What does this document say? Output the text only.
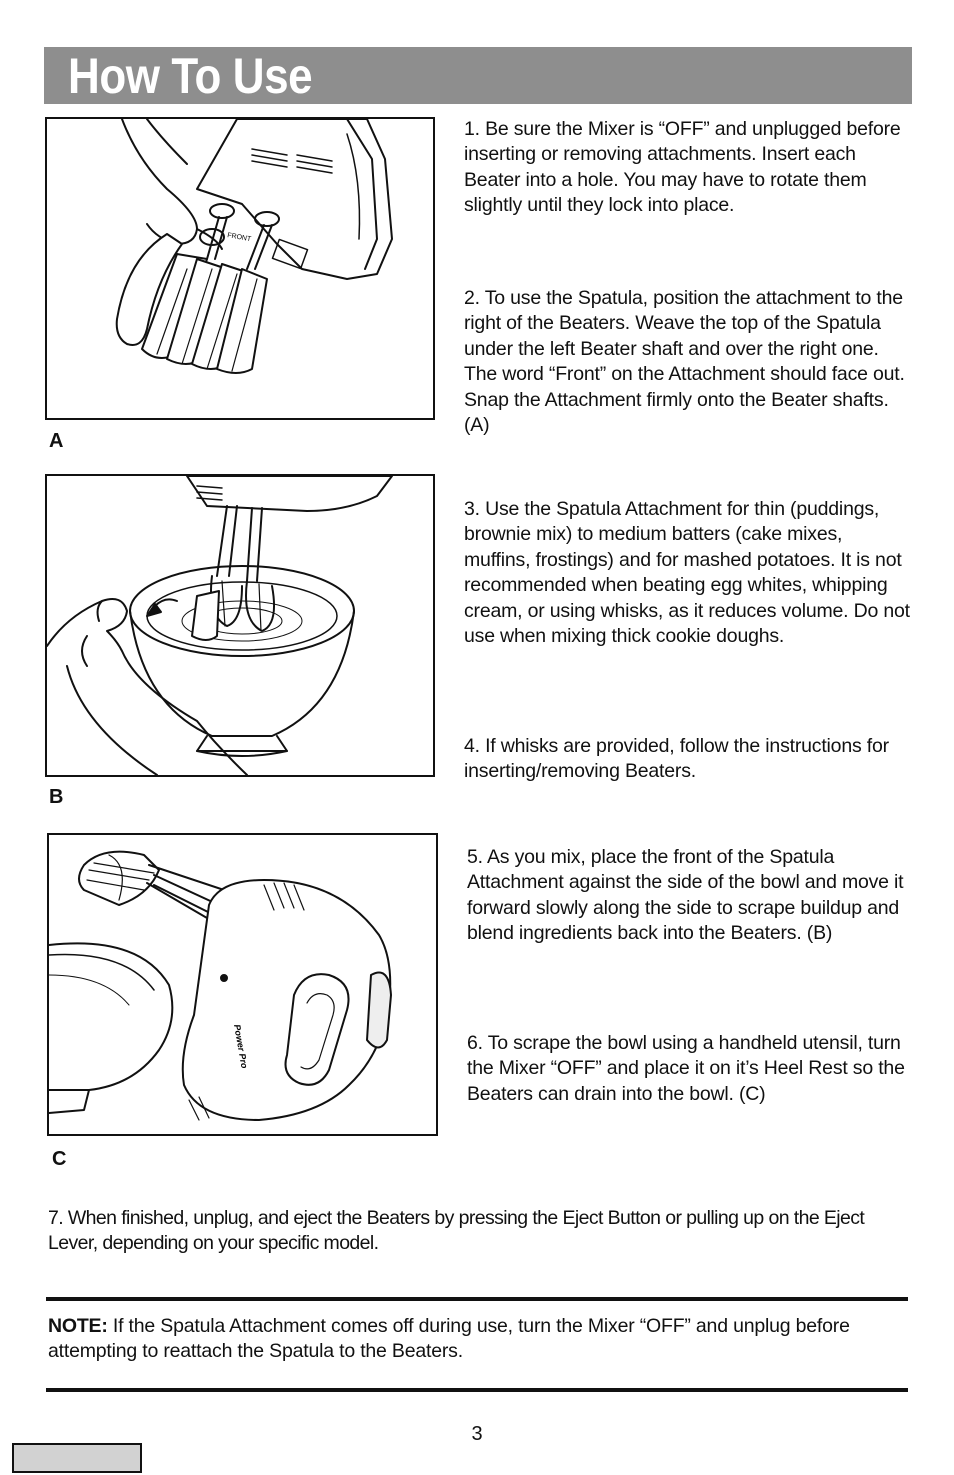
How To Use
FRONT
A
B
Power Pro
C

1. Be sure the Mixer is “OFF” and unplugged before inserting or removing attachments. Insert each Beater into a hole. You may have to rotate them slightly until they lock into place.

2. To use the Spatula, position the attachment to the right of the Beaters. Weave the top of the Spatula under the left Beater shaft and over the right one. The word “Front” on the Attachment should face out. Snap the Attachment firmly onto the Beater shafts. (A)

3. Use the Spatula Attachment for thin (puddings, brownie mix) to medium batters (cake mixes, muffins, frostings) and for mashed potatoes. It is not recommended when beating egg whites, whipping cream, or using whisks, as it reduces volume. Do not use when mixing thick cookie doughs.

4. If whisks are provided, follow the instructions for inserting/removing Beaters.

5. As you mix, place the front of the Spatula Attachment against the side of the bowl and move it forward slowly along the side to scrape buildup and blend ingredients back into the Beaters. (B)

6. To scrape the bowl using a handheld utensil, turn the Mixer “OFF” and place it on it’s Heel Rest so the Beaters can drain into the bowl. (C)

7. When finished, unplug, and eject the Beaters by pressing the Eject Button or pulling up on the Eject Lever, depending on your specific model.

NOTE: If the Spatula Attachment comes off during use, turn the Mixer “OFF” and unplug before attempting to reattach the Spatula to the Beaters.

3
